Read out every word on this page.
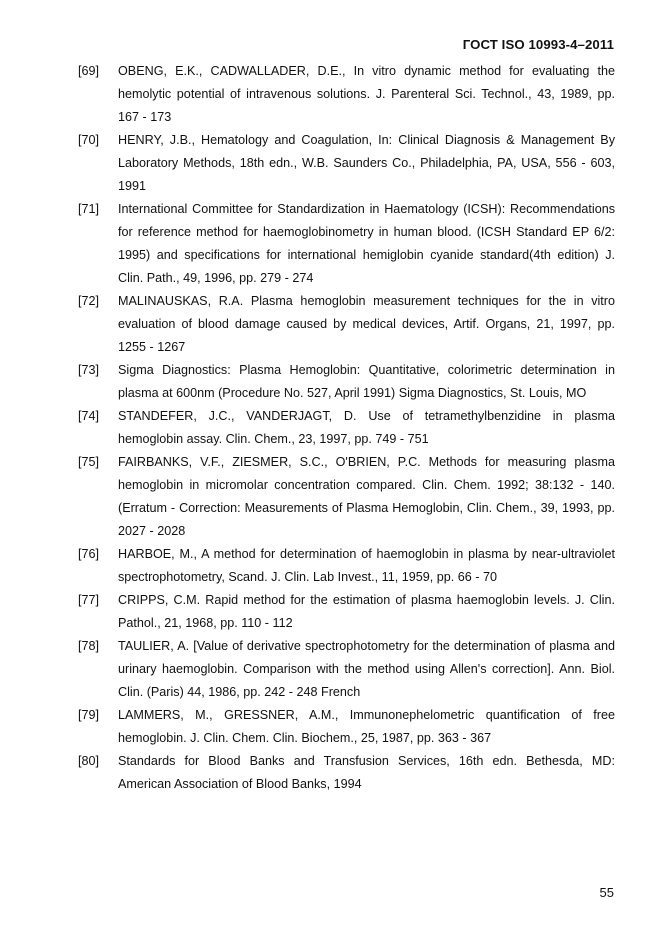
ГОСТ ISO 10993-4–2011
[69]	OBENG, E.K., CADWALLADER, D.E., In vitro dynamic method for evaluating the hemolytic potential of intravenous solutions. J. Parenteral Sci. Technol., 43, 1989, pp. 167 - 173
[70]	HENRY, J.B., Hematology and Coagulation, In: Clinical Diagnosis & Management By Laboratory Methods, 18th edn., W.B. Saunders Co., Philadelphia, PA, USA, 556 - 603, 1991
[71]	International Committee for Standardization in Haematology (ICSH): Recommendations for reference method for haemoglobinometry in human blood. (ICSH Standard EP 6/2: 1995) and specifications for international hemiglobin cyanide standard(4th edition) J. Clin. Path., 49, 1996, pp. 279 - 274
[72]	MALINAUSKAS, R.A. Plasma hemoglobin measurement techniques for the in vitro evaluation of blood damage caused by medical devices, Artif. Organs, 21, 1997, pp. 1255 - 1267
[73]	Sigma Diagnostics: Plasma Hemoglobin: Quantitative, colorimetric determination in plasma at 600nm (Procedure No. 527, April 1991) Sigma Diagnostics, St. Louis, MO
[74]	STANDEFER, J.C., VANDERJAGT, D. Use of tetramethylbenzidine in plasma hemoglobin assay. Clin. Chem., 23, 1997, pp. 749 - 751
[75]	FAIRBANKS, V.F., ZIESMER, S.C., O'BRIEN, P.C. Methods for measuring plasma hemoglobin in micromolar concentration compared. Clin. Chem. 1992; 38:132 - 140. (Erratum - Correction: Measurements of Plasma Hemoglobin, Clin. Chem., 39, 1993, pp. 2027 - 2028
[76]	HARBOE, M., A method for determination of haemoglobin in plasma by near-ultraviolet spectrophotometry, Scand. J. Clin. Lab Invest., 11, 1959, pp. 66 - 70
[77]	CRIPPS, C.M. Rapid method for the estimation of plasma haemoglobin levels. J. Clin. Pathol., 21, 1968, pp. 110 - 112
[78]	TAULIER, A. [Value of derivative spectrophotometry for the determination of plasma and urinary haemoglobin. Comparison with the method using Allen's correction]. Ann. Biol. Clin. (Paris) 44, 1986, pp. 242 - 248 French
[79]	LAMMERS, M., GRESSNER, A.M., Immunonephelometric quantification of free hemoglobin. J. Clin. Chem. Clin. Biochem., 25, 1987, pp. 363 - 367
[80]	Standards for Blood Banks and Transfusion Services, 16th edn. Bethesda, MD: American Association of Blood Banks, 1994
55
